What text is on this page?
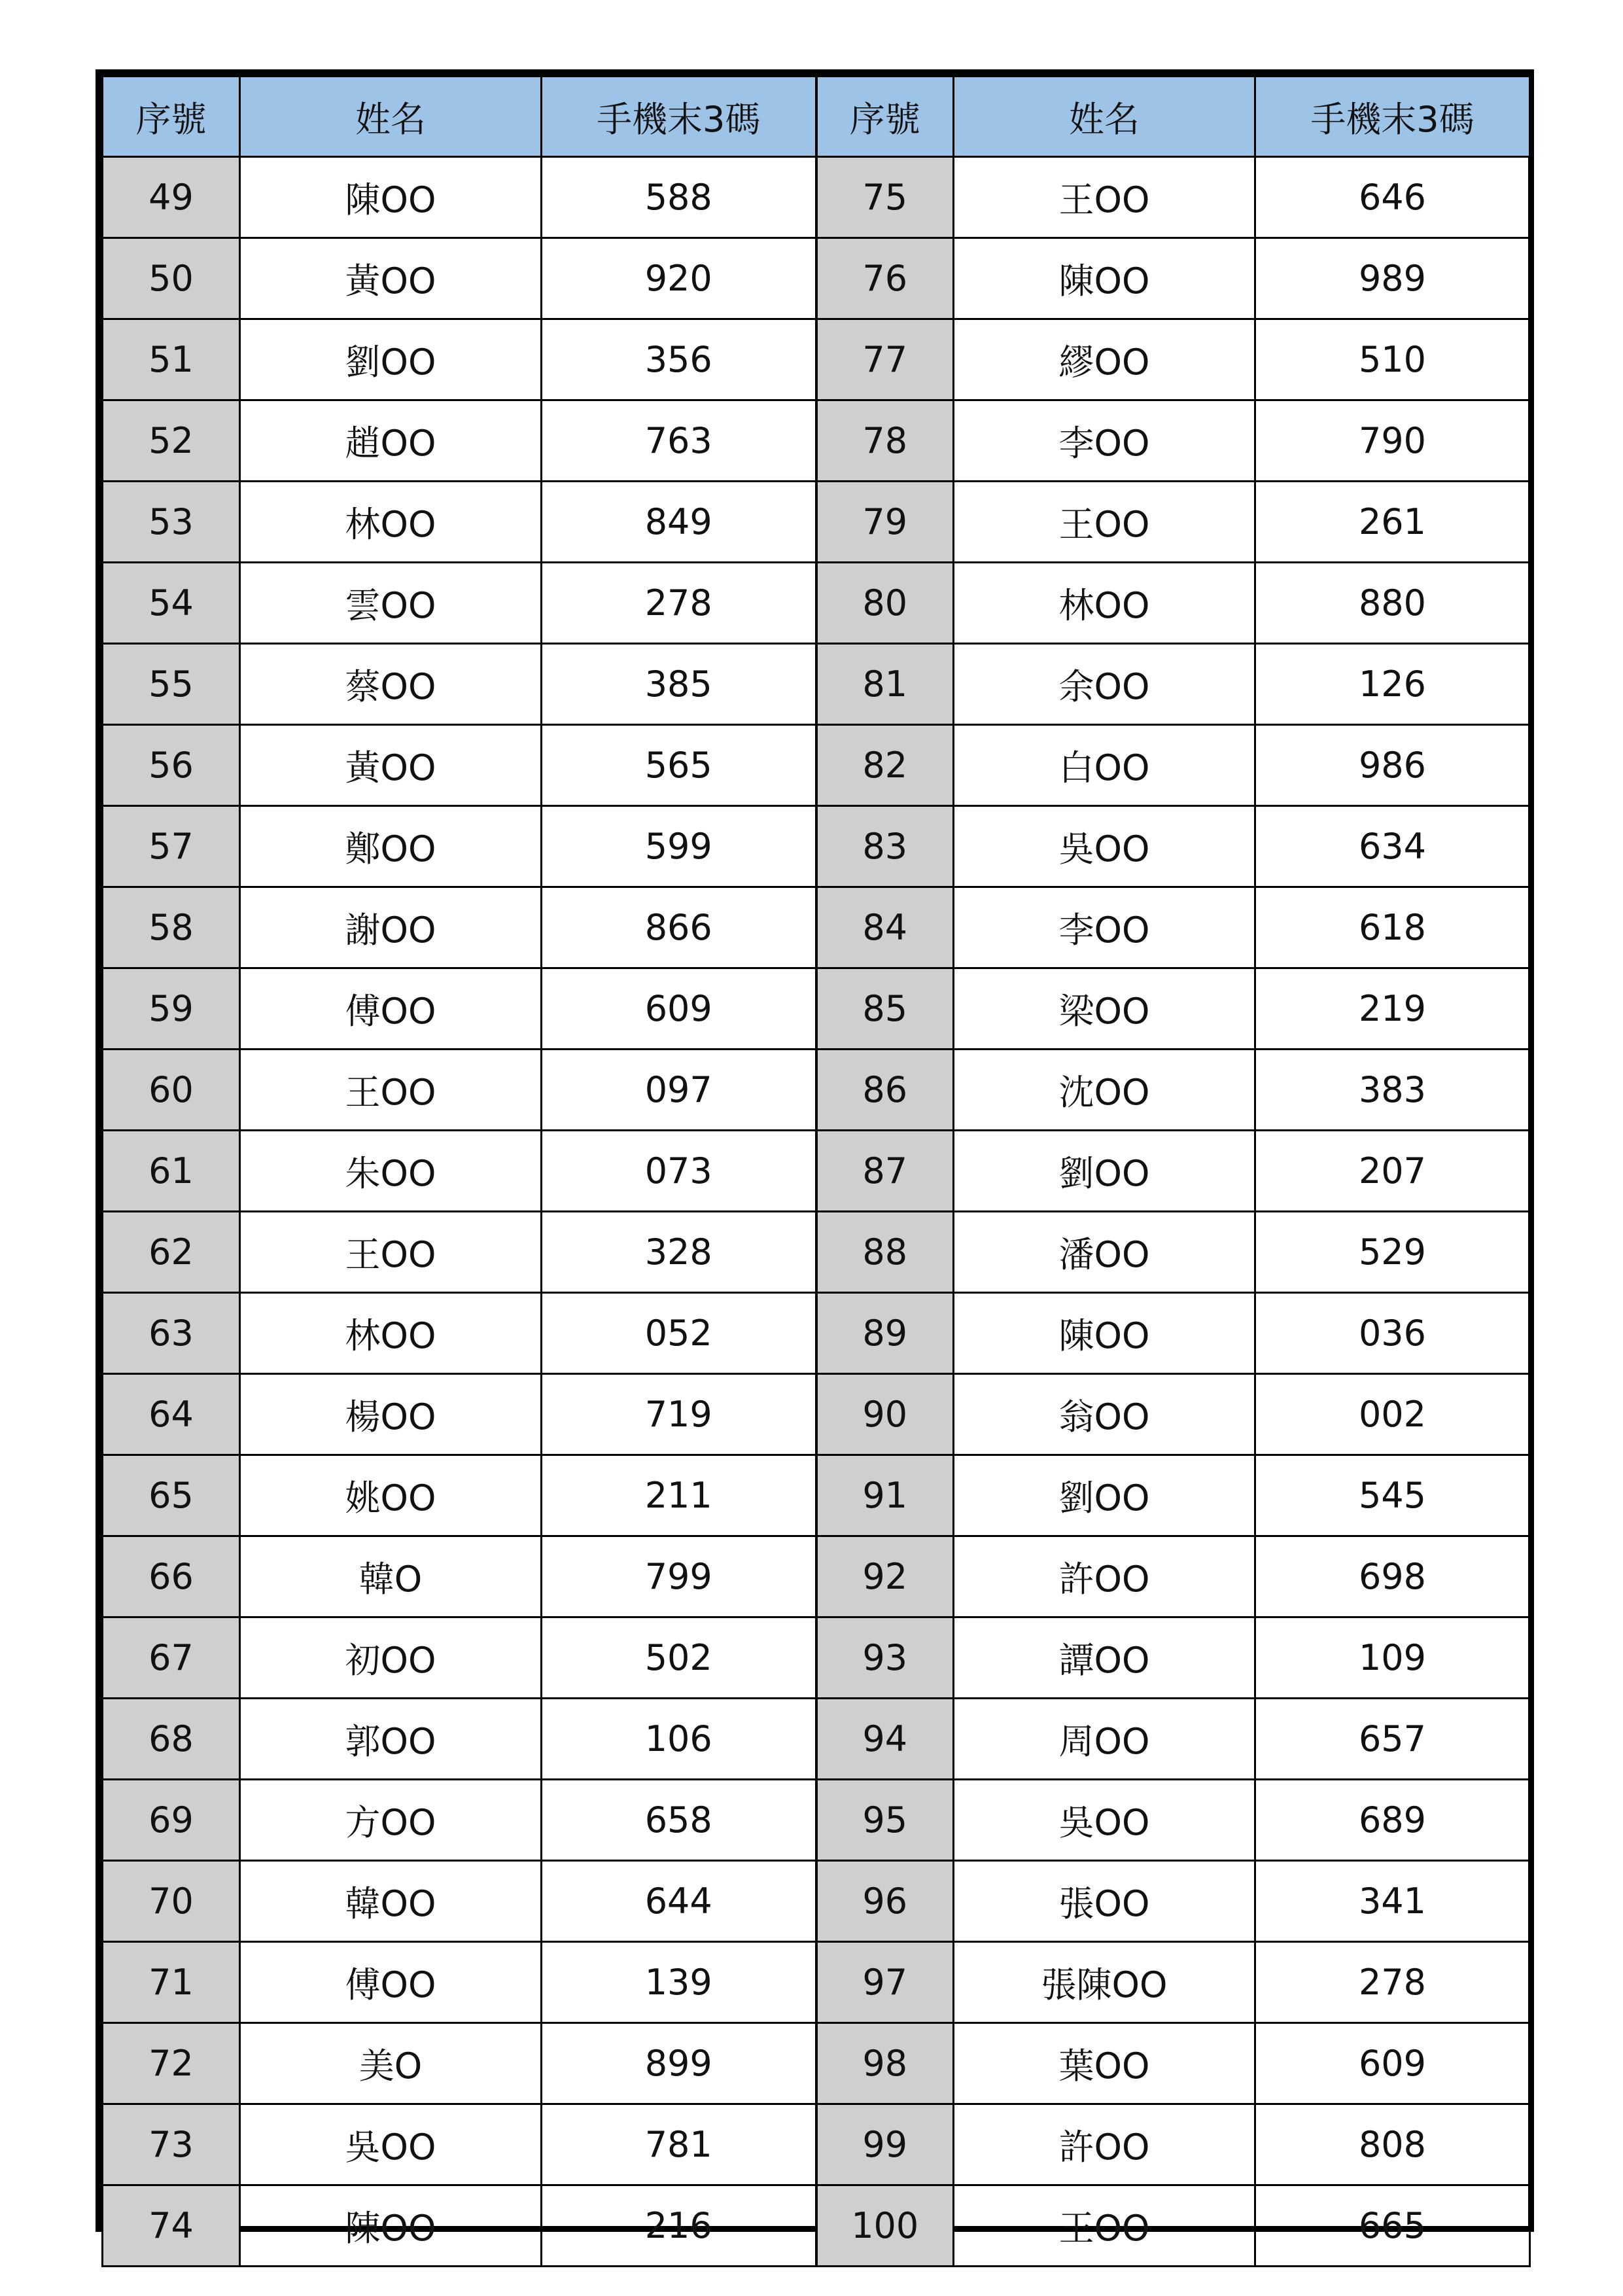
序號	姓名	手機末3碼	序號	姓名	手機末3碼
49	陳OO	588	75	王OO	646
50	黃OO	920	76	陳OO	989
51	劉OO	356	77	繆OO	510
52	趙OO	763	78	李OO	790
53	林OO	849	79	王OO	261
54	雲OO	278	80	林OO	880
55	蔡OO	385	81	余OO	126
56	黃OO	565	82	白OO	986
57	鄭OO	599	83	吳OO	634
58	謝OO	866	84	李OO	618
59	傅OO	609	85	梁OO	219
60	王OO	097	86	沈OO	383
61	朱OO	073	87	劉OO	207
62	王OO	328	88	潘OO	529
63	林OO	052	89	陳OO	036
64	楊OO	719	90	翁OO	002
65	姚OO	211	91	劉OO	545
66	韓O	799	92	許OO	698
67	初OO	502	93	譚OO	109
68	郭OO	106	94	周OO	657
69	方OO	658	95	吳OO	689
70	韓OO	644	96	張OO	341
71	傅OO	139	97	張陳OO	278
72	美O	899	98	葉OO	609
73	吳OO	781	99	許OO	808
74	陳OO	216	100	王OO	665
